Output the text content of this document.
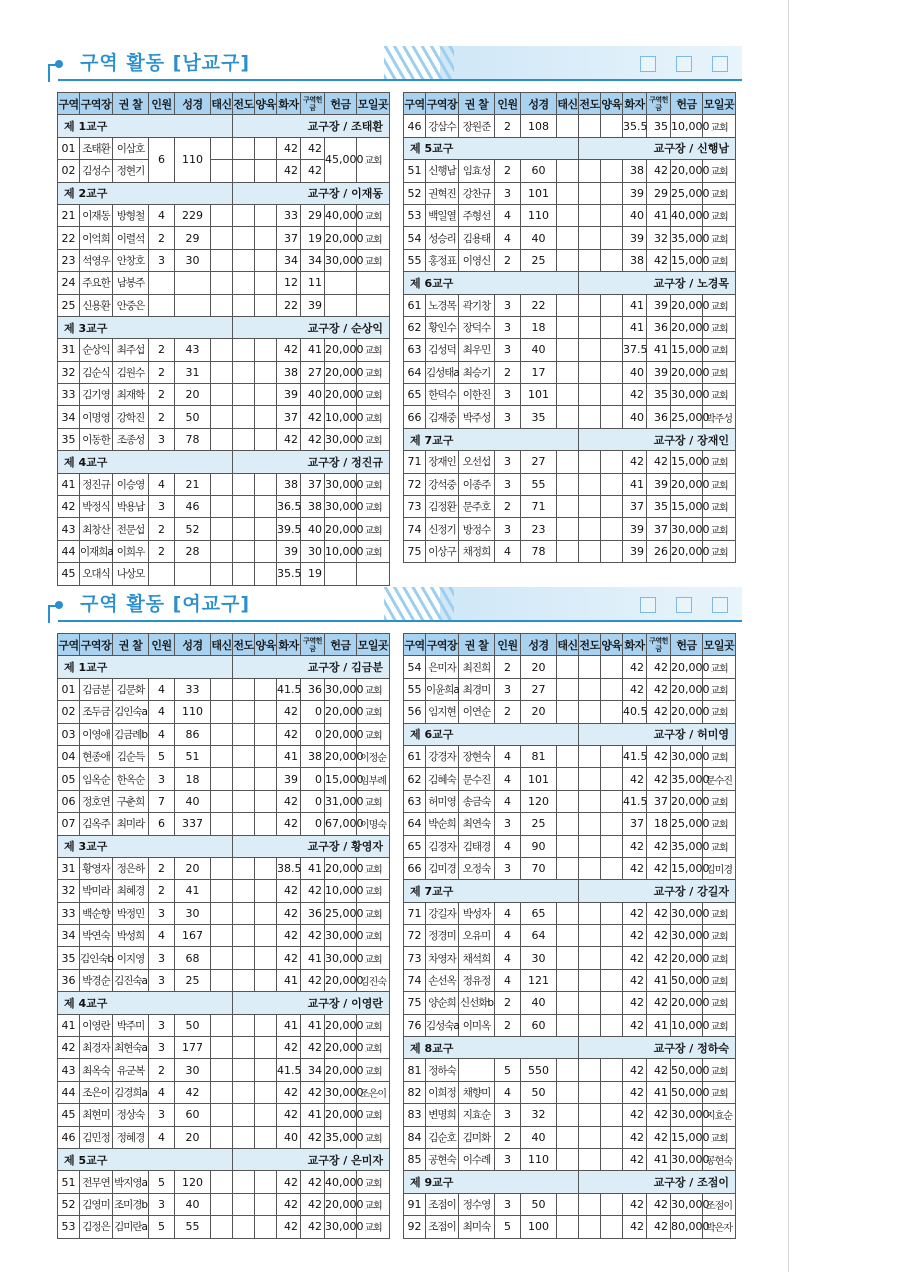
구역 활동 [남교구]
구역	구역장	권 찰	인원	성경	태신	전도	양육	화자	구역헌금	헌금	모일곳
제 1교구						교구장 / 조태환					
01	조태환	이삼호	6	110				42	42	45,000	교회
02	김성수	정현기						42	42		
제 2교구						교구장 / 이재동					
21	이재동	방형철	4	229				33	29	40,000	교회
22	이억희	이렬석	2	29				37	19	20,000	교회
23	석영우	안창호	3	30				34	34	30,000	교회
24	주요한	남봉주						12	11		
25	신용환	안중은						22	39		
제 3교구						교구장 / 순상익					
31	순상익	최주섭	2	43				42	41	20,000	교회
32	김순식	김원수	2	31				38	27	20,000	교회
33	김기영	최재학	2	20				39	40	20,000	교회
34	이명영	강학진	2	50				37	42	10,000	교회
35	이동한	조종성	3	78				42	42	30,000	교회
제 4교구						교구장 / 정진규					
41	정진규	이승영	4	21				38	37	30,000	교회
42	박정식	박용남	3	46				36.5	38	30,000	교회
43	최창산	전문섭	2	52				39.5	40	20,000	교회
44	이재희a	이희우	2	28				39	30	10,000	교회
45	오대식	나상모						35.5	19		
구역	구역장	권 찰	인원	성경	태신	전도	양육	화자	구역헌금	헌금	모일곳
46	강삼수	장원준	2	108				35.5	35	10,000	교회
제 5교구						교구장 / 신행남					
51	신행남	임효성	2	60				38	42	20,000	교회
52	권혁진	강찬규	3	101				39	29	25,000	교회
53	백일열	주형선	4	110				40	41	40,000	교회
54	성승리	김용태	4	40				39	32	35,000	교회
55	홍정표	이영신	2	25				38	42	15,000	교회
제 6교구						교구장 / 노경목					
61	노경목	곽기창	3	22				41	39	20,000	교회
62	황인수	장덕수	3	18				41	36	20,000	교회
63	김성덕	최우민	3	40				37.5	41	15,000	교회
64	김성태a	최승기	2	17				40	39	20,000	교회
65	한덕수	이한진	3	101				42	35	30,000	교회
66	김재중	박주성	3	35				40	36	25,000	박주성
제 7교구						교구장 / 장재인					
71	장재인	오선섭	3	27				42	42	15,000	교회
72	강석중	이종주	3	55				41	39	20,000	교회
73	김정환	문주호	2	71				37	35	15,000	교회
74	신정기	방정수	3	23				39	37	30,000	교회
75	이상구	채정희	4	78				39	26	20,000	교회
구역 활동 [여교구]
구역	구역장	권 찰	인원	성경	태신	전도	양육	화자	구역헌금	헌금	모일곳
제 1교구						교구장 / 김금분					
01	김금분	김문화	4	33				41.5	36	30,000	교회
02	조두금	김인숙a	4	110				42	0	20,000	교회
03	이영애	김금례b	4	86				42	0	20,000	교회
04	현종애	김순득	5	51				41	38	20,000	이정순
05	임옥순	한옥순	3	18				39	0	15,000	임부례
06	정호연	구춘희	7	40				42	0	31,000	교회
07	김옥주	최미라	6	337				42	0	67,000	이명숙
제 3교구						교구장 / 황영자					
31	황영자	정은하	2	20				38.5	41	20,000	교회
32	박미라	최혜경	2	41				42	42	10,000	교회
33	백순향	박정민	3	30				42	36	25,000	교회
34	박연숙	박성희	4	167				42	42	30,000	교회
35	김인숙b	이지영	3	68				42	41	30,000	교회
36	박경순	김진숙a	3	25				41	42	20,000	김진숙
제 4교구						교구장 / 이영란					
41	이영란	박주미	3	50				41	41	20,000	교회
42	최경자	최현숙a	3	177				42	42	20,000	교회
43	최옥숙	유군복	2	30				41.5	34	20,000	교회
44	조은이	김경희a	4	42				42	42	30,000	조은이
45	최현미	정상숙	3	60				42	41	20,000	교회
46	김민정	정혜경	4	20				40	42	35,000	교회
제 5교구						교구장 / 은미자					
51	전무연	박지영a	5	120				42	42	40,000	교회
52	김영미	조미경b	3	40				42	42	20,000	교회
53	김정은	김미란a	5	55				42	42	30,000	교회
구역	구역장	권 찰	인원	성경	태신	전도	양육	화자	구역헌금	헌금	모일곳
54	은미자	최진희	2	20				42	42	20,000	교회
55	이윤희a	최경미	3	27				42	42	20,000	교회
56	임지현	이연순	2	20				40.5	42	20,000	교회
제 6교구						교구장 / 허미영					
61	강경자	장현숙	4	81				41.5	42	30,000	교회
62	김혜숙	문수진	4	101				42	42	35,000	문수진
63	허미영	송금숙	4	120				41.5	37	20,000	교회
64	박순희	최연숙	3	25				37	18	25,000	교회
65	김경자	김태경	4	90				42	42	35,000	교회
66	김미경	오정숙	3	70				42	42	15,000	김미경
제 7교구						교구장 / 강길자					
71	강길자	박성자	4	65				42	42	30,000	교회
72	정경미	오유미	4	64				42	42	30,000	교회
73	차영자	채석희	4	30				42	42	20,000	교회
74	손선옥	정유정	4	121				42	41	50,000	교회
75	양순희	신선화b	2	40				42	42	20,000	교회
76	김성숙a	이미옥	2	60				42	41	10,000	교회
제 8교구						교구장 / 정하숙					
81	정하숙		5	550				42	42	50,000	교회
82	이희정	채향미	4	50				42	41	50,000	교회
83	변명희	지효순	3	32				42	42	30,000	지효순
84	김순호	김미화	2	40				42	42	15,000	교회
85	공현숙	이수례	3	110				42	41	30,000	공현숙
제 9교구						교구장 / 조점이					
91	조점이	정수영	3	50				42	42	30,000	조점이
92	조점이	최미숙	5	100				42	42	80,000	박은자
